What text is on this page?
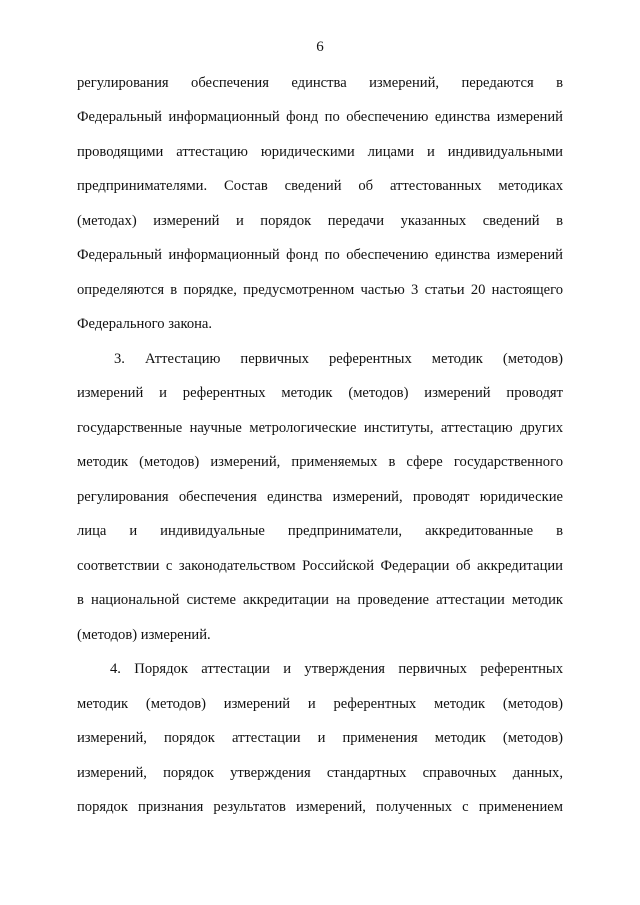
6
регулирования обеспечения единства измерений, передаются в
Федеральный информационный фонд по обеспечению единства измерений
проводящими аттестацию юридическими лицами и индивидуальными
предпринимателями. Состав сведений об аттестованных методиках
(методах) измерений и порядок передачи указанных сведений в
Федеральный информационный фонд по обеспечению единства измерений
определяются в порядке, предусмотренном частью 3 статьи 20 настоящего
Федерального закона.
3. Аттестацию первичных референтных методик (методов)
измерений и референтных методик (методов) измерений проводят
государственные научные метрологические институты, аттестацию других
методик (методов) измерений, применяемых в сфере государственного
регулирования обеспечения единства измерений, проводят юридические
лица и индивидуальные предприниматели, аккредитованные в
соответствии с законодательством Российской Федерации об аккредитации
в национальной системе аккредитации на проведение аттестации методик
(методов) измерений.
4. Порядок аттестации и утверждения первичных референтных
методик (методов) измерений и референтных методик (методов)
измерений, порядок аттестации и применения методик (методов)
измерений, порядок утверждения стандартных справочных данных,
порядок признания результатов измерений, полученных с применением
